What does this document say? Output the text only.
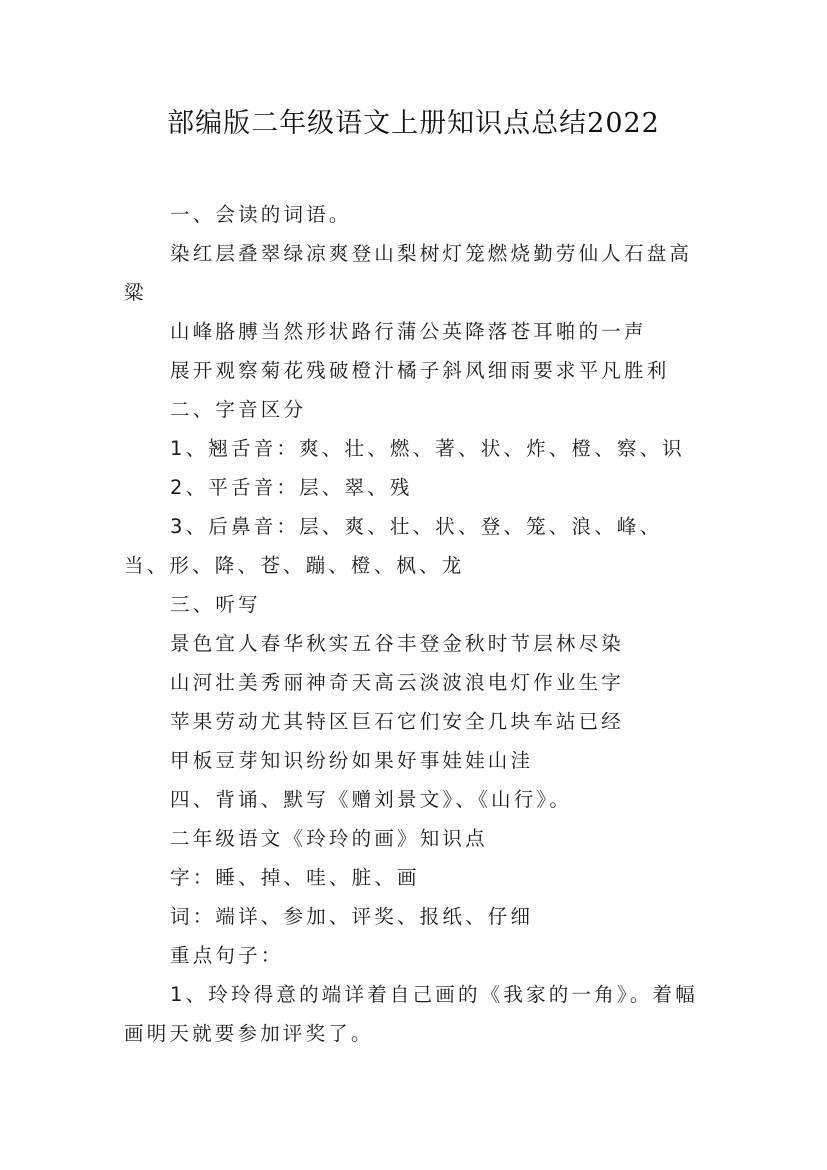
部编版二年级语文上册知识点总结2022

一、会读的词语。

染红层叠翠绿凉爽登山梨树灯笼燃烧勤劳仙人石盘高粱

山峰胳膊当然形状路行蒲公英降落苍耳啪的一声

展开观察菊花残破橙汁橘子斜风细雨要求平凡胜利

二、字音区分

1、翘舌音：爽、壮、燃、著、状、炸、橙、察、识

2、平舌音：层、翠、残

3、后鼻音：层、爽、壮、状、登、笼、浪、峰、当、形、降、苍、蹦、橙、枫、龙

三、听写

景色宜人春华秋实五谷丰登金秋时节层林尽染

山河壮美秀丽神奇天高云淡波浪电灯作业生字

苹果劳动尤其特区巨石它们安全几块车站已经

甲板豆芽知识纷纷如果好事娃娃山洼

四、背诵、默写《赠刘景文》、《山行》。

二年级语文《玲玲的画》知识点

字：睡、掉、哇、脏、画

词：端详、参加、评奖、报纸、仔细

重点句子：

1、玲玲得意的端详着自己画的《我家的一角》。着幅画明天就要参加评奖了。
